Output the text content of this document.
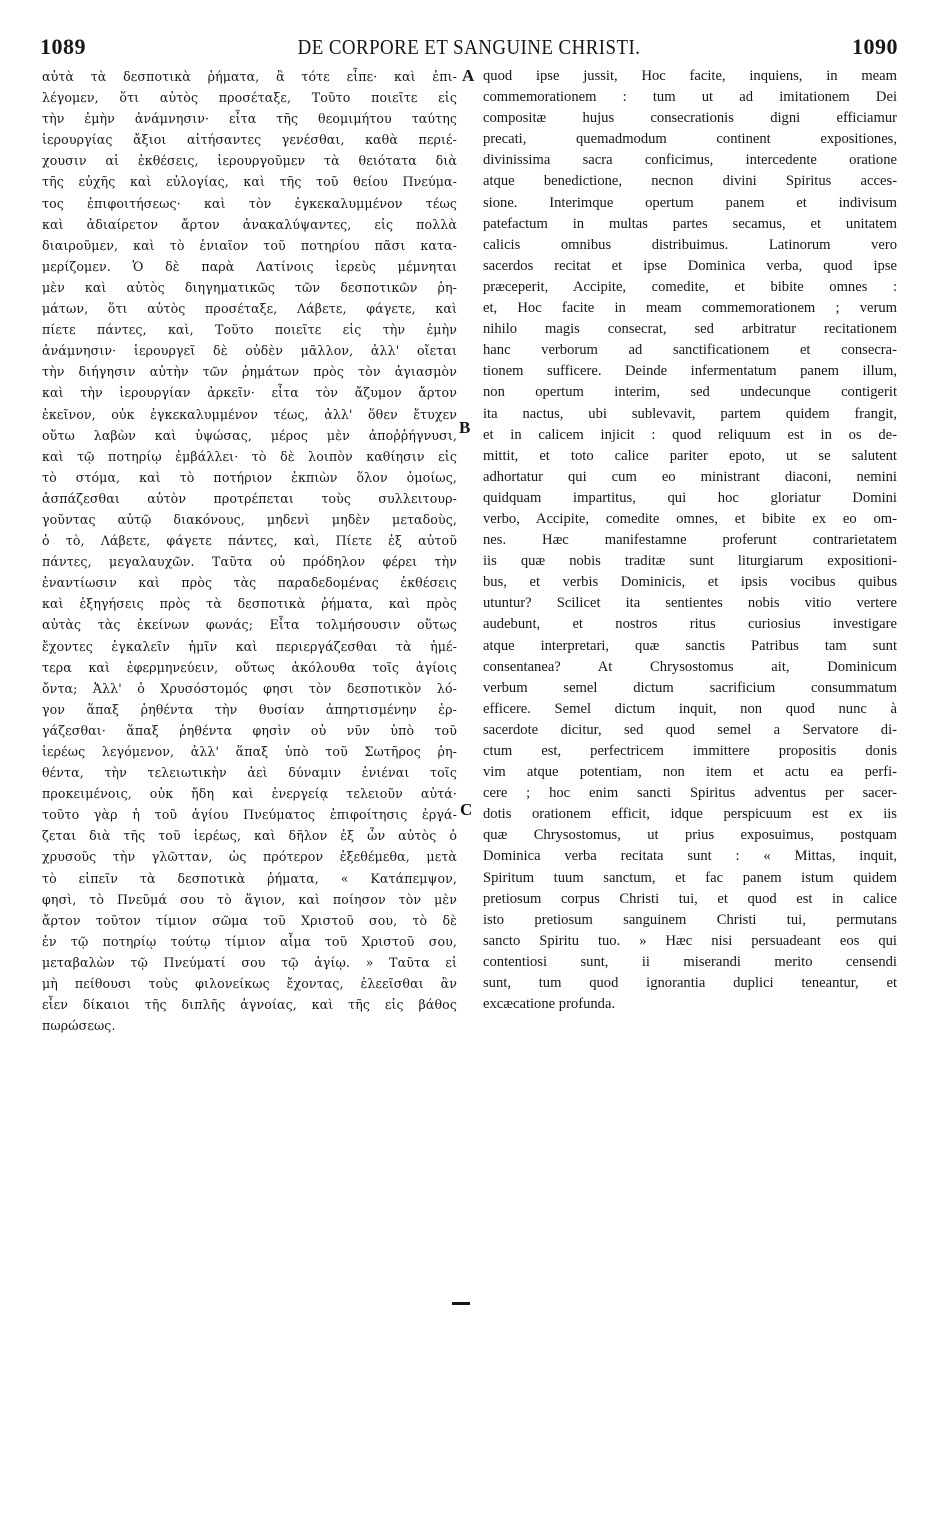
1089	DE CORPORE ET SANGUINE CHRISTI.	1090
αὐτὰ τὰ δεσποτικὰ ῥήματα, ἃ τότε εἶπε· καὶ ἐπι-
λέγομεν, ὅτι αὐτὸς προσέταξε, Τοῦτο ποιεῖτε εἰς
τὴν ἐμὴν ἀνάμνησιν· εἶτα τῆς θεομιμήτου ταύτης
ἱερουργίας ἄξιοι αἰτήσαντες γενέσθαι, καθὰ περιέ-
χουσιν αἱ ἐκθέσεις, ἱερουργοῦμεν τὰ θειότατα διὰ
τῆς εὐχῆς καὶ εὐλογίας, καὶ τῆς τοῦ θείου Πνεύμα-
τος ἐπιφοιτήσεως· καὶ τὸν ἐγκεκαλυμμένον τέως
καὶ ἀδιαίρετον ἄρτον ἀνακαλύψαντες, εἰς πολλὰ
διαιροῦμεν, καὶ τὸ ἑνιαῖον τοῦ ποτηρίου πᾶσι κατα-
μερίζομεν. Ὁ δὲ παρὰ Λατίνοις ἱερεὺς μέμνηται
μὲν καὶ αὐτὸς διηγηματικῶς τῶν δεσποτικῶν ῥη-
μάτων, ὅτι αὐτὸς προσέταξε, Λάβετε, φάγετε, καὶ
πίετε πάντες, καὶ, Τοῦτο ποιεῖτε εἰς τὴν ἐμὴν
ἀνάμνησιν· ἱερουργεῖ δὲ οὐδὲν μᾶλλον, ἀλλ' οἴεται
τὴν διήγησιν αὐτὴν τῶν ῥημάτων πρὸς τὸν ἁγιασμὸν
καὶ τὴν ἱερουργίαν ἀρκεῖν· εἶτα τὸν ἄζυμον ἄρτον
ἐκεῖνον, οὐκ ἐγκεκαλυμμένον τέως, ἀλλ' ὅθεν ἔτυχεν
οὕτω λαβὼν καὶ ὑψώσας, μέρος μὲν ἀποῤῥήγνυσι,
καὶ τῷ ποτηρίῳ ἐμβάλλει· τὸ δὲ λοιπὸν καθίησιν εἰς
τὸ στόμα, καὶ τὸ ποτήριον ἐκπιὼν ὅλον ὁμοίως,
ἀσπάζεσθαι αὐτὸν προτρέπεται τοὺς συλλειτουρ-
γοῦντας αὐτῷ διακόνους, μηδενὶ μηδὲν μεταδοὺς,
ὁ τὸ, Λάβετε, φάγετε πάντες, καὶ, Πίετε ἐξ αὐτοῦ
πάντες, μεγαλαυχῶν. Ταῦτα οὐ πρόδηλον φέρει τὴν
ἐναντίωσιν καὶ πρὸς τὰς παραδεδομένας ἐκθέσεις
καὶ ἐξηγήσεις πρὸς τὰ δεσποτικὰ ῥήματα, καὶ πρὸς
αὐτὰς τὰς ἐκείνων φωνάς; Εἶτα τολμήσουσιν οὕτως
ἔχοντες ἐγκαλεῖν ἡμῖν καὶ περιεργάζεσθαι τὰ ἡμέ-
τερα καὶ ἐφερμηνεύειν, οὕτως ἀκόλουθα τοῖς ἁγίοις
ὄντα; Ἀλλ' ὁ Χρυσόστομός φησι τὸν δεσποτικὸν λό-
γον ἅπαξ ῥηθέντα τὴν θυσίαν ἀπηρτισμένην ἐρ-
γάζεσθαι· ἅπαξ ῥηθέντα φησὶν οὐ νῦν ὑπὸ τοῦ
ἱερέως λεγόμενον, ἀλλ' ἅπαξ ὑπὸ τοῦ Σωτῆρος ῥη-
θέντα, τὴν τελειωτικὴν ἀεὶ δύναμιν ἐνιέναι τοῖς
προκειμένοις, οὐκ ἤδη καὶ ἐνεργείᾳ τελειοῦν αὐτά·
τοῦτο γὰρ ἡ τοῦ ἁγίου Πνεύματος ἐπιφοίτησις ἐργά-
ζεται διὰ τῆς τοῦ ἱερέως, καὶ δῆλον ἐξ ὧν αὐτὸς ὁ
χρυσοῦς τὴν γλῶτταν, ὡς πρότερον ἐξεθέμεθα, μετὰ
τὸ εἰπεῖν τὰ δεσποτικὰ ῥήματα, « Κατάπεμψον,
φησὶ, τὸ Πνεῦμά σου τὸ ἅγιον, καὶ ποίησον τὸν μὲν
ἄρτον τοῦτον τίμιον σῶμα τοῦ Χριστοῦ σου, τὸ δὲ
ἐν τῷ ποτηρίῳ τούτῳ τίμιον αἷμα τοῦ Χριστοῦ σου,
μεταβαλὼν τῷ Πνεύματί σου τῷ ἁγίῳ. » Ταῦτα εἰ
μὴ πείθουσι τοὺς φιλονείκως ἔχοντας, ἐλεεῖσθαι ἂν
εἶεν δίκαιοι τῆς διπλῆς ἀγνοίας, καὶ τῆς εἰς βάθος
πωρώσεως.
quod ipse jussit, Hoc facite, inquiens, in meam
commemorationem : tum ut ad imitationem Dei
compositæ hujus consecrationis digni efficiamur
precati, quemadmodum continent expositiones,
divinissima sacra conficimus, intercedente oratione
atque benedictione, necnon divini Spiritus acces-
sione. Interimque opertum panem et indivisum
patefactum in multas partes secamus, et unitatem
calicis omnibus distribuimus. Latinorum vero
sacerdos recitat et ipse Dominica verba, quod ipse
præceperit, Accipite, comedite, et bibite omnes :
et, Hoc facite in meam commemorationem ; verum
nihilo magis consecrat, sed arbitratur recitationem
hanc verborum ad sanctificationem et consecra-
tionem sufficere. Deinde infermentatum panem illum,
non opertum interim, sed undecunque contigerit
ita nactus, ubi sublevavit, partem quidem frangit,
et in calicem injicit : quod reliquum est in os de-
mittit, et toto calice pariter epoto, ut se salutent
adhortatur qui cum eo ministrant diaconi, nemini
quidquam impartitus, qui hoc gloriatur Domini
verbo, Accipite, comedite omnes, et bibite ex eo om-
nes. Hæc manifestamne proferunt contrarietatem
iis quæ nobis traditæ sunt liturgiarum expositioni-
bus, et verbis Dominicis, et ipsis vocibus quibus
utuntur? Scilicet ita sentientes nobis vitio vertere
audebunt, et nostros ritus curiosius investigare
atque interpretari, quæ sanctis Patribus tam sunt
consentanea? At Chrysostomus ait, Dominicum
verbum semel dictum sacrificium consummatum
efficere. Semel dictum inquit, non quod nunc à
sacerdote dicitur, sed quod semel a Servatore di-
ctum est, perfectricem immittere propositis donis
vim atque potentiam, non item et actu ea perfi-
cere ; hoc enim sancti Spiritus adventus per sacer-
dotis orationem efficit, idque perspicuum est ex iis
quæ Chrysostomus, ut prius exposuimus, postquam
Dominica verba recitata sunt : « Mittas, inquit,
Spiritum tuum sanctum, et fac panem istum quidem
pretiosum corpus Christi tui, et quod est in calice
isto pretiosum sanguinem Christi tui, permutans
sancto Spiritu tuo. » Hæc nisi persuadeant eos qui
contentiosi sunt, ii miserandi merito censendi
sunt, tum quod ignorantia duplici teneantur, et
excæcatione profunda.
A
B
C
